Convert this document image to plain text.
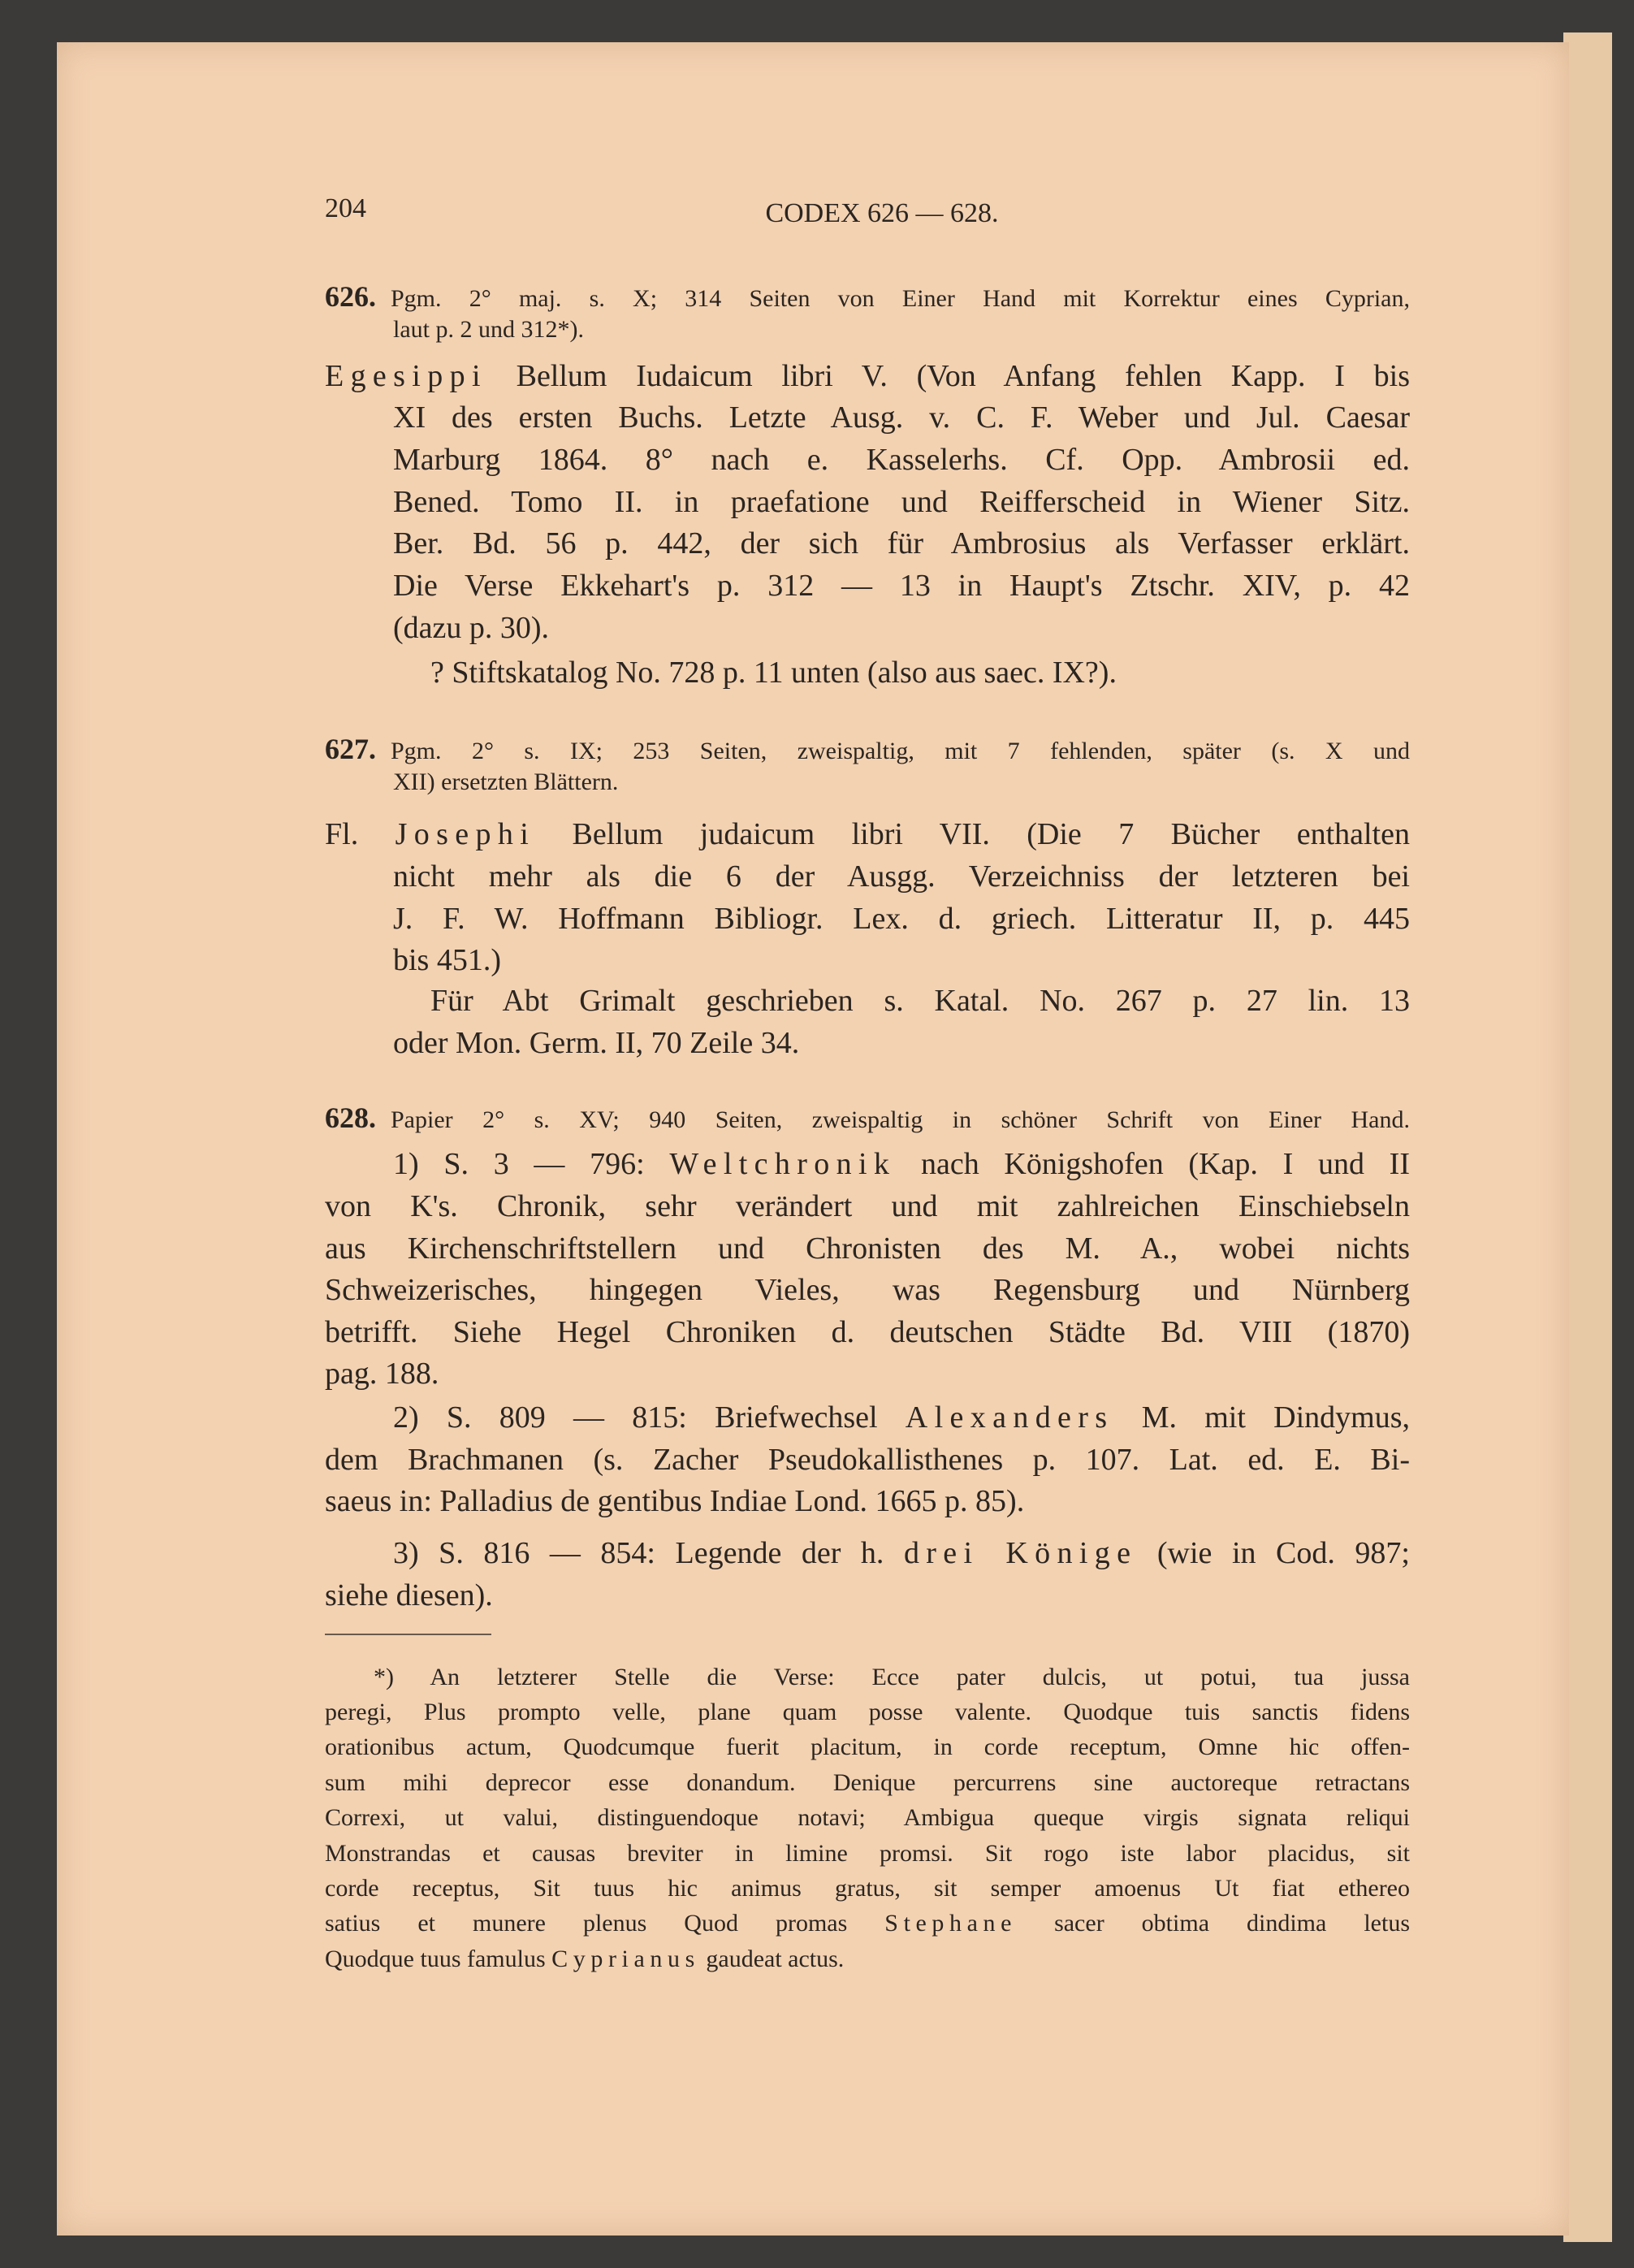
204	CODEX 626 — 628.
626. Pgm. 2° maj. s. X; 314 Seiten von Einer Hand mit Korrektur eines Cyprian,
laut p. 2 und 312*).
Egesippi Bellum Iudaicum libri V. (Von Anfang fehlen Kapp. I bis
XI des ersten Buchs. Letzte Ausg. v. C. F. Weber und Jul. Caesar
Marburg 1864. 8° nach e. Kasselerhs. Cf. Opp. Ambrosii ed.
Bened. Tomo II. in praefatione und Reifferscheid in Wiener Sitz.
Ber. Bd. 56 p. 442, der sich für Ambrosius als Verfasser erklärt.
Die Verse Ekkehart's p. 312 — 13 in Haupt's Ztschr. XIV, p. 42
(dazu p. 30).
? Stiftskatalog No. 728 p. 11 unten (also aus saec. IX?).
627. Pgm. 2° s. IX; 253 Seiten, zweispaltig, mit 7 fehlenden, später (s. X und
XII) ersetzten Blättern.
Fl. Josephi Bellum judaicum libri VII. (Die 7 Bücher enthalten
nicht mehr als die 6 der Ausgg. Verzeichniss der letzteren bei
J. F. W. Hoffmann Bibliogr. Lex. d. griech. Litteratur II, p. 445
bis 451.)
Für Abt Grimalt geschrieben s. Katal. No. 267 p. 27 lin. 13
oder Mon. Germ. II, 70 Zeile 34.
628. Papier 2° s. XV; 940 Seiten, zweispaltig in schöner Schrift von Einer Hand.
1) S. 3 — 796: Weltchronik nach Königshofen (Kap. I und II
von K's. Chronik, sehr verändert und mit zahlreichen Einschiebseln
aus Kirchenschriftstellern und Chronisten des M. A., wobei nichts
Schweizerisches, hingegen Vieles, was Regensburg und Nürnberg
betrifft. Siehe Hegel Chroniken d. deutschen Städte Bd. VIII (1870)
pag. 188.
2) S. 809 — 815: Briefwechsel Alexanders M. mit Dindymus,
dem Brachmanen (s. Zacher Pseudokallisthenes p. 107. Lat. ed. E. Bi-
saeus in: Palladius de gentibus Indiae Lond. 1665 p. 85).
3) S. 816 — 854: Legende der h. drei Könige (wie in Cod. 987;
siehe diesen).
*) An letzterer Stelle die Verse: Ecce pater dulcis, ut potui, tua jussa
peregi, Plus prompto velle, plane quam posse valente. Quodque tuis sanctis fidens
orationibus actum, Quodcumque fuerit placitum, in corde receptum, Omne hic offen-
sum mihi deprecor esse donandum. Denique percurrens sine auctoreque retractans
Correxi, ut valui, distinguendoque notavi; Ambigua queque virgis signata reliqui
Monstrandas et causas breviter in limine promsi. Sit rogo iste labor placidus, sit
corde receptus, Sit tuus hic animus gratus, sit semper amoenus Ut fiat ethereo
satius et munere plenus Quod promas Stephane sacer obtima dindima letus
Quodque tuus famulus Cyprianus gaudeat actus.
